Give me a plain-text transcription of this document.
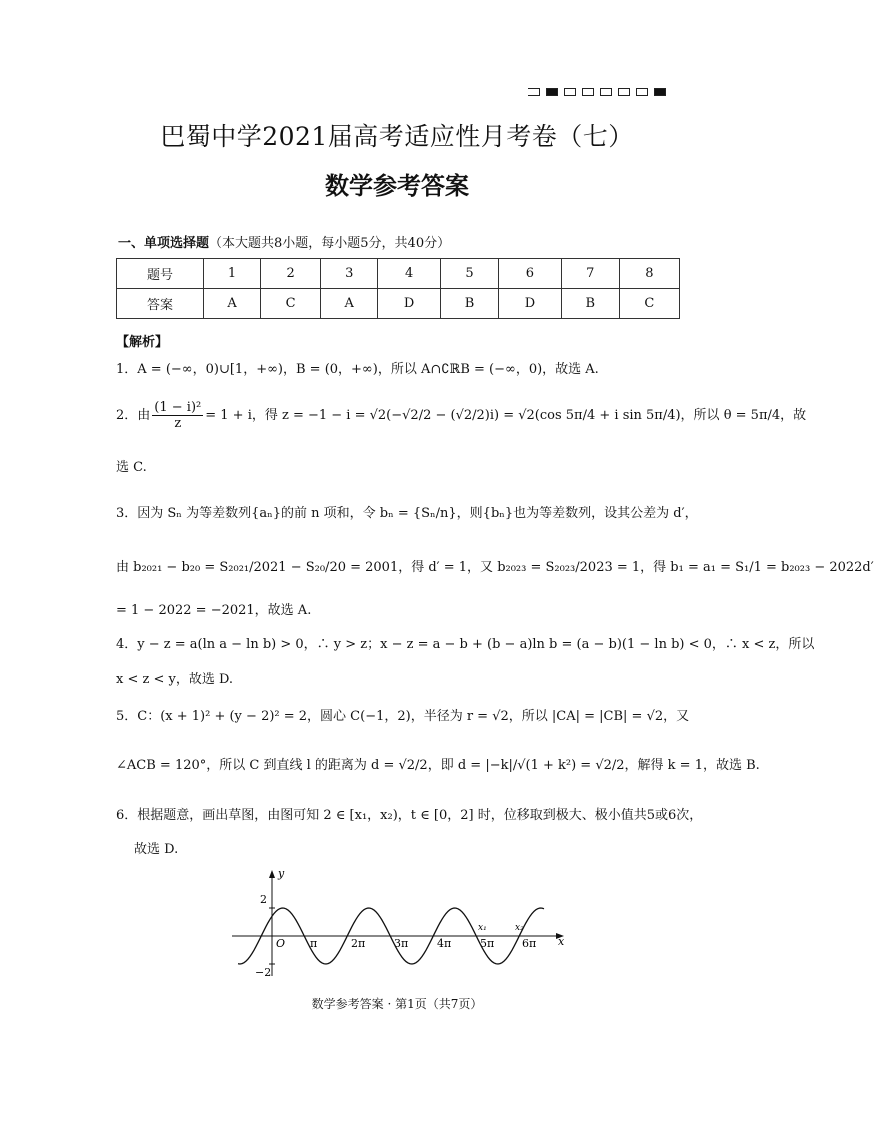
巴蜀中学2021届高考适应性月考卷（七）
数学参考答案
一、单项选择题（本大题共8小题，每小题5分，共40分）
题号	1	2	3	4	5	6	7	8
答案	A	C	A	D	B	D	B	C
【解析】
1．A = (−∞，0)∪[1，+∞)，B = (0，+∞)，所以 A∩∁ℝB = (−∞，0)，故选 A.
2．由 $\frac{\text{(1 − i)²}}{z} = 1 + i$，得 z = −1 − i = √2(−√2/2 − (√2/2)i) = √2(cos 5π/4 + i sin 5π/4)，所以 θ = 5π/4，故
选 C.
3．因为 Sₙ 为等差数列{aₙ}的前 n 项和，令 bₙ = {Sₙ/n}，则{bₙ}也为等差数列，设其公差为 d′，
由 b₂₀₂₁ − b₂₀ = S₂₀₂₁/2021 − S₂₀/20 = 2001，得 d′ = 1，又 b₂₀₂₃ = S₂₀₂₃/2023 = 1，得 b₁ = a₁ = S₁/1 = b₂₀₂₃ − 2022d′
= 1 − 2022 = −2021，故选 A.
4．y − z = a(ln a − ln b) > 0，∴ y > z；x − z = a − b + (b − a)ln b = (a − b)(1 − ln b) < 0，∴ x < z，所以
x < z < y，故选 D.
5．C：(x + 1)² + (y − 2)² = 2，圆心 C(−1，2)，半径为 r = √2，所以 |CA| = |CB| = √2，又
∠ACB = 120°，所以 C 到直线 l 的距离为 d = √2/2，即 d = |−k|/√(1 + k²) = √2/2，解得 k = 1，故选 B.
6．根据题意，画出草图，由图可知 2 ∈ [x₁，x₂)，t ∈ [0，2] 时，位移取到极大、极小值共5或6次，
故选 D.
y
x
2
−2
O π	2π	3π	4π	5π	6π
x₁	x₂
数学参考答案 · 第1页（共7页）
